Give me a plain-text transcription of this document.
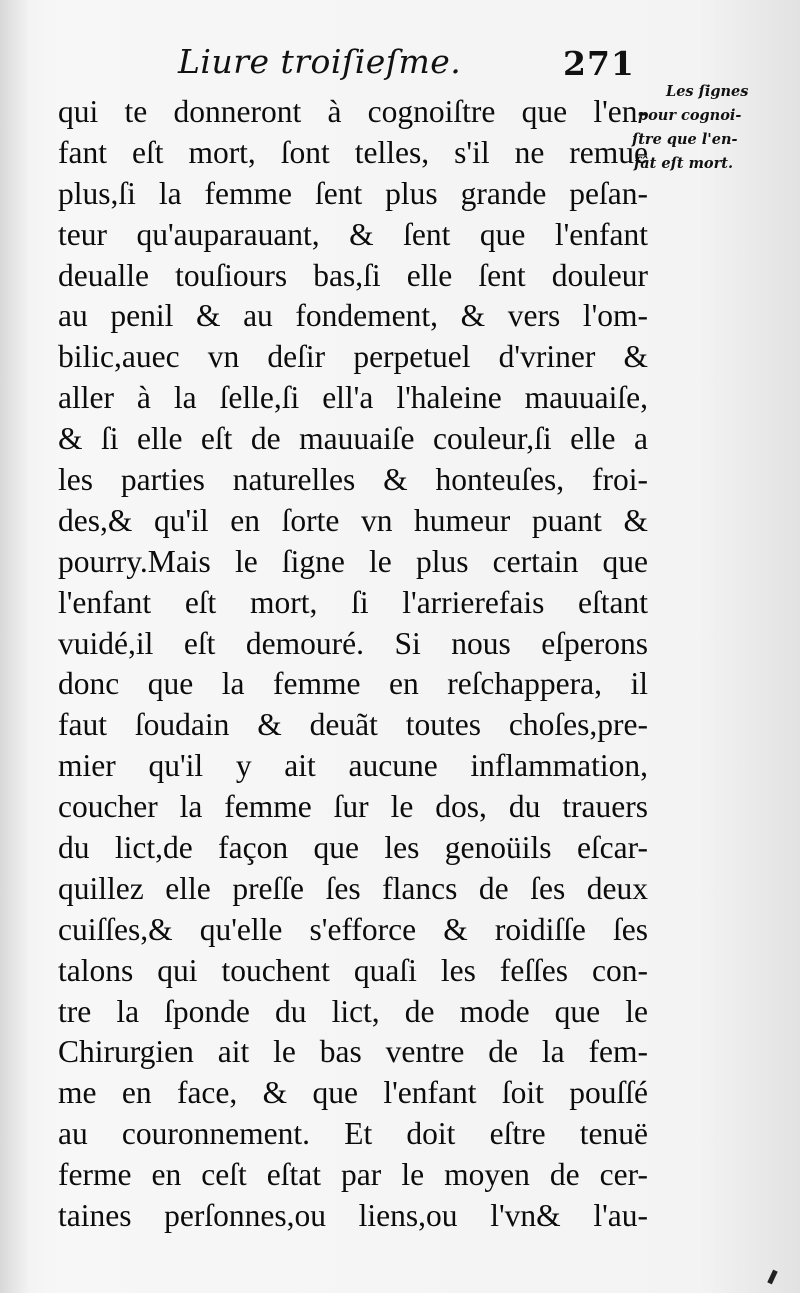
Liure troiſieſme.	271
Les ſignes
pour cognoi-
ſtre que l'en-
fât eſt mort.
qui te donneront à cognoiſtre que l'en-
fant eſt mort, ſont telles, s'il ne remue
plus,ſi la femme ſent plus grande peſan-
teur qu'auparauant, & ſent que l'enfant
deualle touſiours bas,ſi elle ſent douleur
au penil & au fondement, & vers l'om-
bilic,auec vn deſir perpetuel d'vriner &
aller à la ſelle,ſi ell'a l'haleine mauuaiſe,
& ſi elle eſt de mauuaiſe couleur,ſi elle a
les parties naturelles & honteuſes, froi-
des,& qu'il en ſorte vn humeur puant &
pourry.Mais le ſigne le plus certain que
l'enfant eſt mort, ſi l'arrierefais eſtant
vuidé,il eſt demouré. Si nous eſperons
donc que la femme en reſchappera, il
faut ſoudain & deuãt toutes choſes,pre-
mier qu'il y ait aucune inflammation,
coucher la femme ſur le dos, du trauers
du lict,de façon que les genoüils eſcar-
quillez elle preſſe ſes flancs de ſes deux
cuiſſes,& qu'elle s'efforce & roidiſſe ſes
talons qui touchent quaſi les feſſes con-
tre la ſponde du lict, de mode que le
Chirurgien ait le bas ventre de la fem-
me en face, & que l'enfant ſoit pouſſé
au couronnement. Et doit eſtre tenuë
ferme en ceſt eſtat par le moyen de cer-
taines perſonnes,ou liens,ou l'vn& l'au-
